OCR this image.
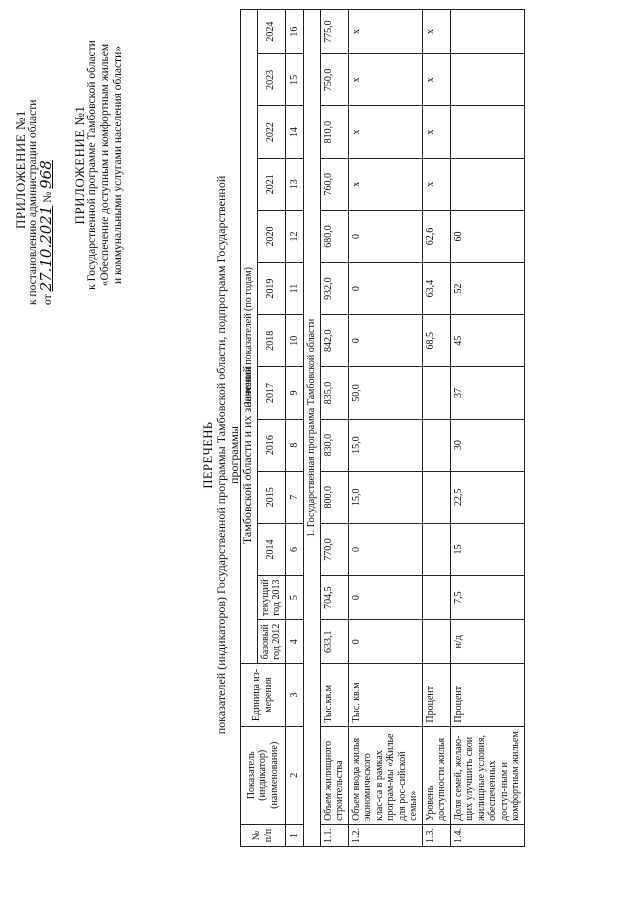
ПРИЛОЖЕНИЕ №1 к постановлению администрации области от 27.10.2021 № 968 ПРИЛОЖЕНИЕ №1 к Государственной программе Тамбовской области «Обеспечение доступным и комфортным жильем и коммунальными услугами населения области»
ПЕРЕЧЕНЬ показателей (индикаторов) Государственной программы Тамбовской области, подпрограмм Государственной программы Тамбовской области и их значений
№ п/п	Показатель (индикатор) (наименование)	Единица из-мерения	Значения показателей (по годам)												
			базовый год 2012	текущий год 2013	2014	2015	2016	2017	2018	2019	2020	2021	2022	2023	2024
1	2	3	4	5	6	7	8	9	10	11	12	13	14	15	16
1. Государственная программа Тамбовской области															
1.1.	Объем жилищного строительства	Тыс.кв.м	633,1	704,5	770,0	800,0	830,0	835,0	842,0	932,0	680,0	760,0	810,0	750,0	775,0
1.2.	Объем ввода жилья экономического клас-са в рамках програм-мы «Жилье для рос-сийской семьи»	Тыс. кв.м	0	0	0	15,0	15,0	50,0	0	0	0	х	х	х	х
1.3.	Уровень доступности жилья	Процент							68,5	63,4	62,6	х	х	х	х
1.4.	Доля семей, желаю-щих улучшить свои жилищные условия, обеспеченных доступ-ным и комфортным жильем	Процент	н/д	7,5	15	22,5	30	37	45	52	60				
